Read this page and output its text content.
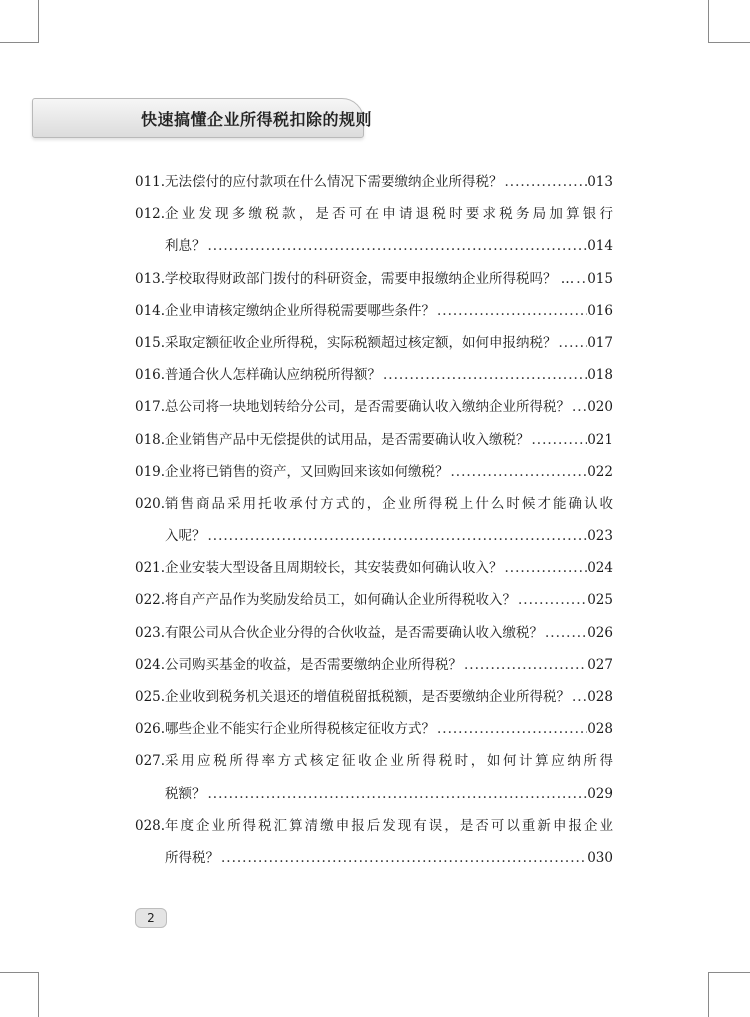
快速搞懂企业所得税扣除的规则
011. 无法偿付的应付款项在什么情况下需要缴纳企业所得税？ .....	013
012. 企业发现多缴税款，是否可在申请退税时要求税务局加算银行
利息？ .....	014
013. 学校取得财政部门拨付的科研资金，需要申报缴纳企业所得税吗？ … ..... 015
014. 企业申请核定缴纳企业所得税需要哪些条件？ .....	016
015. 采取定额征收企业所得税，实际税额超过核定额，如何申报纳税？ ..... 017
016. 普通合伙人怎样确认应纳税所得额？ .....	018
017. 总公司将一块地划转给分公司，是否需要确认收入缴纳企业所得税？ ..... 020
018. 企业销售产品中无偿提供的试用品，是否需要确认收入缴税？ .....	021
019. 企业将已销售的资产，又回购回来该如何缴税？ .....	022
020. 销售商品采用托收承付方式的，企业所得税上什么时候才能确认收
入呢？ .....	023
021. 企业安装大型设备且周期较长，其安装费如何确认收入？ .....	024
022. 将自产产品作为奖励发给员工，如何确认企业所得税收入？ .....	025
023. 有限公司从合伙企业分得的合伙收益，是否需要确认收入缴税？ .....	026
024. 公司购买基金的收益，是否需要缴纳企业所得税？ .....	027
025. 企业收到税务机关退还的增值税留抵税额，是否要缴纳企业所得税？ ..... 028
026. 哪些企业不能实行企业所得税核定征收方式？ .....	028
027. 采用应税所得率方式核定征收企业所得税时，如何计算应纳所得
税额？ .....	029
028. 年度企业所得税汇算清缴申报后发现有误，是否可以重新申报企业
所得税？ .....	030
2
